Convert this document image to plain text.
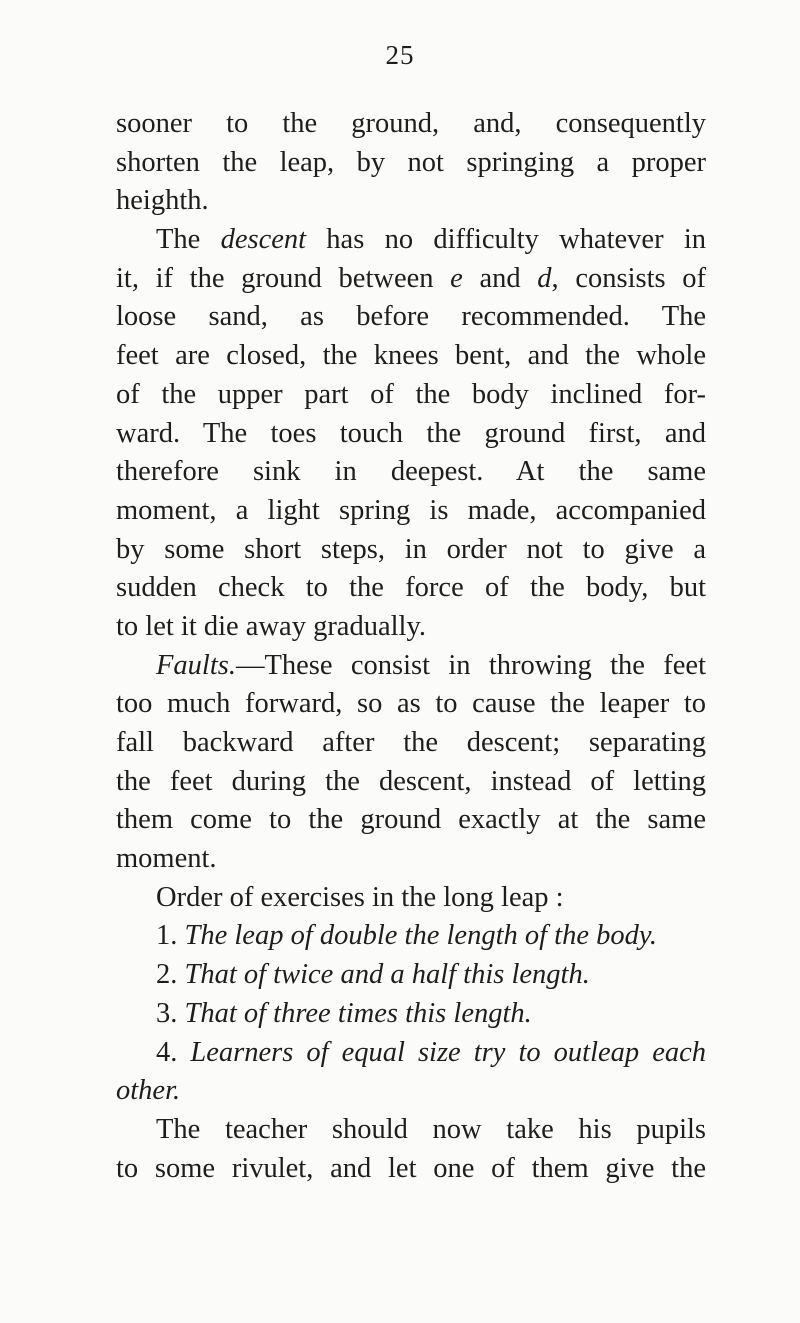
25
sooner to the ground, and, consequently
shorten the leap, by not springing a proper
heighth.
The descent has no difficulty whatever in
it, if the ground between e and d, consists of
loose sand, as before recommended. The
feet are closed, the knees bent, and the whole
of the upper part of the body inclined for-
ward. The toes touch the ground first, and
therefore sink in deepest. At the same
moment, a light spring is made, accompanied
by some short steps, in order not to give a
sudden check to the force of the body, but
to let it die away gradually.
Faults.—These consist in throwing the feet
too much forward, so as to cause the leaper to
fall backward after the descent; separating
the feet during the descent, instead of letting
them come to the ground exactly at the same
moment.
Order of exercises in the long leap :
1. The leap of double the length of the body.
2. That of twice and a half this length.
3. That of three times this length.
4. Learners of equal size try to outleap each
other.
The teacher should now take his pupils
to some rivulet, and let one of them give the
